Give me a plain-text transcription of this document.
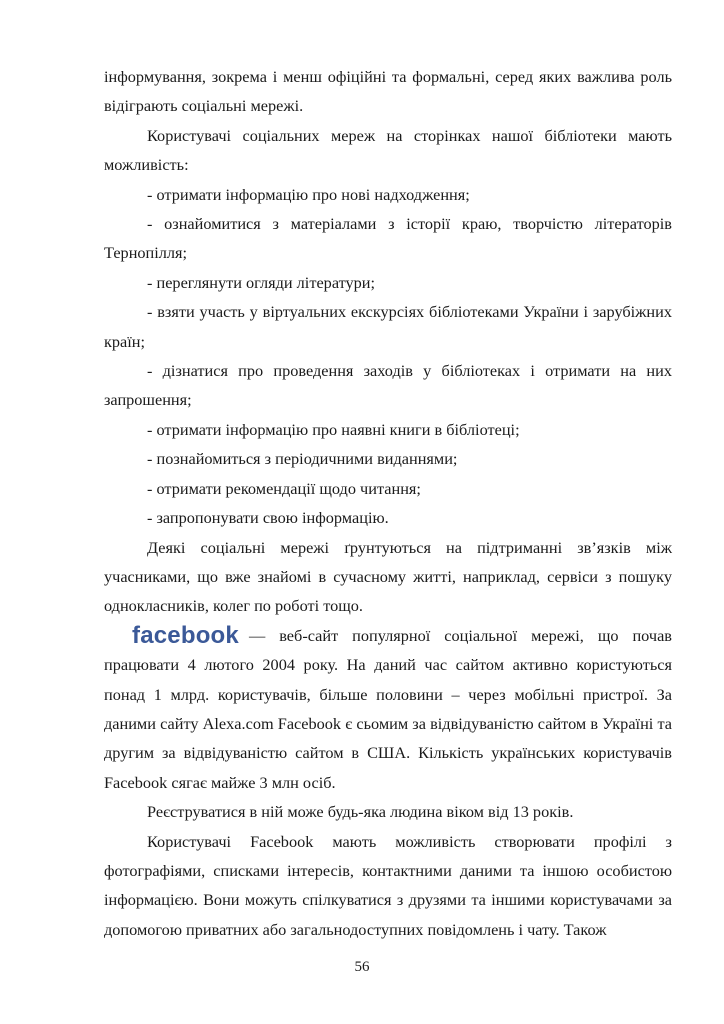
інформування, зокрема і менш офіційні та формальні, серед яких важлива роль відіграють соціальні мережі.

Користувачі соціальних мереж на сторінках нашої бібліотеки мають можливість:

- отримати інформацію про нові надходження;

- ознайомитися з матеріалами з історії краю, творчістю літераторів Тернопілля;

- переглянути огляди літератури;

- взяти участь у віртуальних екскурсіях бібліотеками України і зарубіжних країн;

- дізнатися про проведення заходів у бібліотеках і отримати на них запрошення;

- отримати інформацію про наявні книги в бібліотеці;

- познайомиться з періодичними виданнями;

- отримати рекомендації щодо читання;

- запропонувати свою інформацію.

Деякі соціальні мережі ґрунтуються на підтриманні зв’язків між учасниками, що вже знайомі в сучасному житті, наприклад, сервіси з пошуку однокласників, колег по роботі тощо.

facebook — веб-сайт популярної соціальної мережі, що почав працювати 4 лютого 2004 року. На даний час сайтом активно користуються понад 1 млрд. користувачів, більше половини – через мобільні пристрої. За даними сайту Alexa.com Facebook є сьомим за відвідуваністю сайтом в Україні та другим за відвідуваністю сайтом в США. Кількість українських користувачів Facebook сягає майже 3 млн осіб.

Реєструватися в ній може будь-яка людина віком від 13 років.

Користувачі Facebook мають можливість створювати профілі з фотографіями, списками інтересів, контактними даними та іншою особистою інформацією. Вони можуть спілкуватися з друзями та іншими користувачами за допомогою приватних або загальнодоступних повідомлень і чату. Також

56
